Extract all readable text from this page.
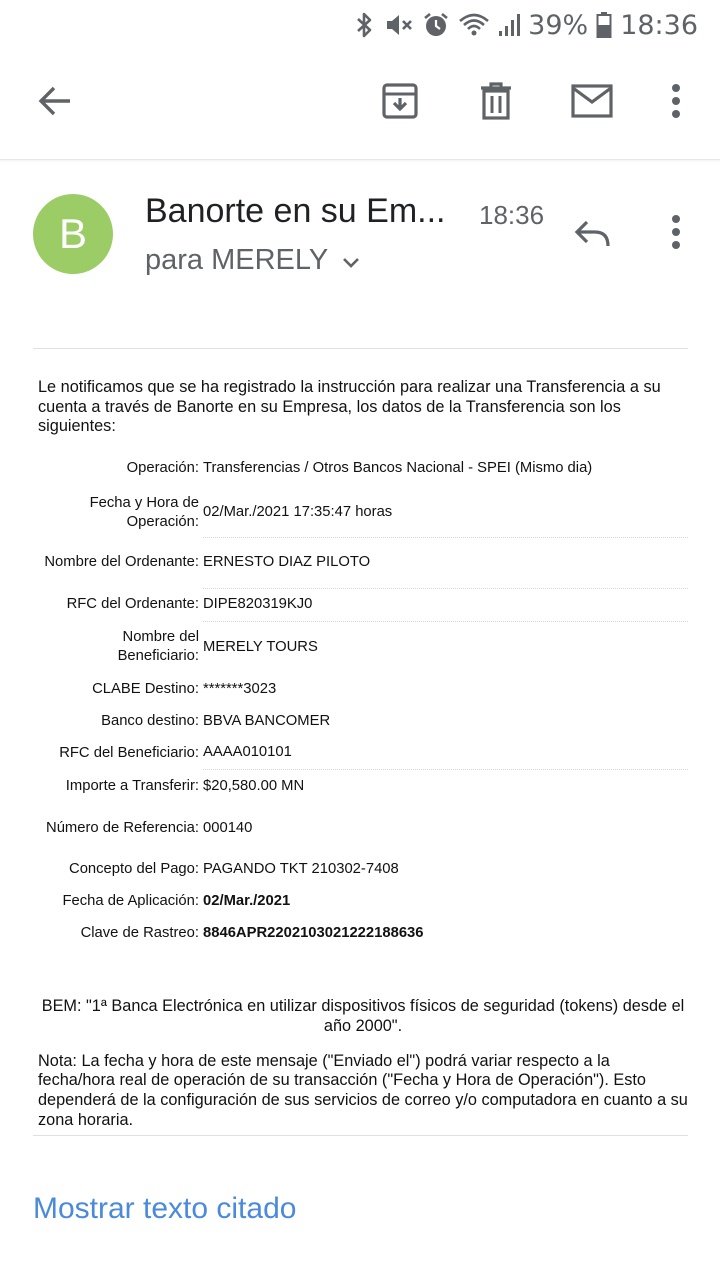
39% 18:36
B	Banorte en su Em... 18:36
para MERELY
Le notificamos que se ha registrado la instrucción para realizar una Transferencia a su cuenta a través de Banorte en su Empresa, los datos de la Transferencia son los siguientes:
Operación:	Transferencias / Otros Bancos Nacional - SPEI (Mismo dia)
Fecha y Hora de Operación:	02/Mar./2021 17:35:47 horas
Nombre del Ordenante:	ERNESTO DIAZ PILOTO
RFC del Ordenante:	DIPE820319KJ0
Nombre del Beneficiario:	MERELY TOURS
CLABE Destino:	*******3023
Banco destino:	BBVA BANCOMER
RFC del Beneficiario:	AAAA010101
Importe a Transferir:	$20,580.00 MN
Número de Referencia:	000140
Concepto del Pago:	PAGANDO TKT 210302-7408
Fecha de Aplicación:	02/Mar./2021
Clave de Rastreo:	8846APR2202103021222188636
BEM: "1ª Banca Electrónica en utilizar dispositivos físicos de seguridad (tokens) desde el año 2000".
Nota: La fecha y hora de este mensaje ("Enviado el") podrá variar respecto a la fecha/hora real de operación de su transacción ("Fecha y Hora de Operación"). Esto dependerá de la configuración de sus servicios de correo y/o computadora en cuanto a su zona horaria.
Mostrar texto citado
